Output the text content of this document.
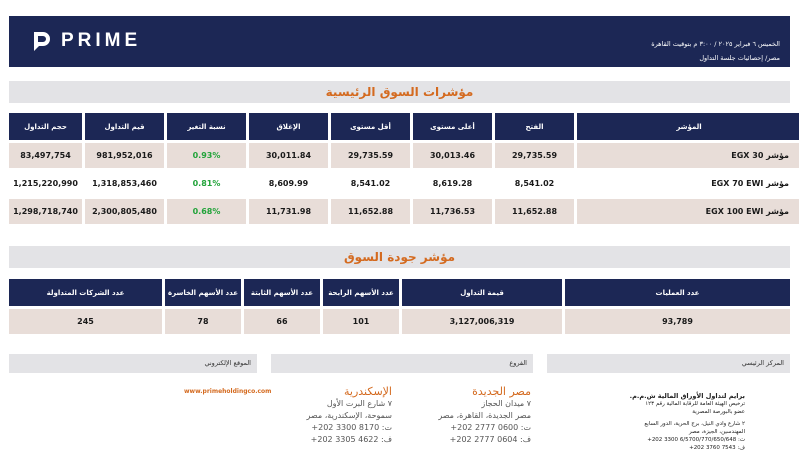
PRIME	الخميس ٦ فبراير ٢٠٢٥ / ٣:٠٠ م بتوقيت القاهرة
مصر/ إحصائيات جلسة التداول
مؤشرات السوق الرئيسية
حجم التداول	قيم التداول	نسبة التغير	الإغلاق	أقل مستوى	أعلى مستوى	الفتح	المؤشر
83,497,754	981,952,016	0.93%	30,011.84	29,735.59	30,013.46	29,735.59	مؤشر EGX 30
1,215,220,990	1,318,853,460	0.81%	8,609.99	8,541.02	8,619.28	8,541.02	مؤشر EGX 70 EWI
1,298,718,740	2,300,805,480	0.68%	11,731.98	11,652.88	11,736.53	11,652.88	مؤشر EGX 100 EWI
مؤشر جودة السوق
عدد الشركات المتداولة	عدد الأسهم الخاسرة	عدد الأسهم الثابتة	عدد الأسهم الرابحة	قيمة التداول	عدد العمليات
245	78	66	101	3,127,006,319	93,789
الموقع الإلكتروني	الفروع	المركز الرئيسي
www.primeholdingco.com	الإسكندرية
٧ شارع البرت الأول
سموحة، الإسكندرية، مصر
ت: 8170 3300 202+
ف: 4622 3305 202+
مصر الجديدة
٧ ميدان الحجاز
مصر الجديدة، القاهرة، مصر
ت: 0600 2777 202+
ف: 0604 2777 202+
برايم لتداول الأوراق المالية ش.م.م.
ترخيص الهيئة العامة للرقابة المالية رقم ١٢٣
عضو بالبورصة المصرية
٢ شارع وادي النيل، برج الحرية، الدور السابع
المهندسين، الجيزة، مصر
ت: 6/5700/770/650/648 3300 202+
ف: 7543 3760 202+
